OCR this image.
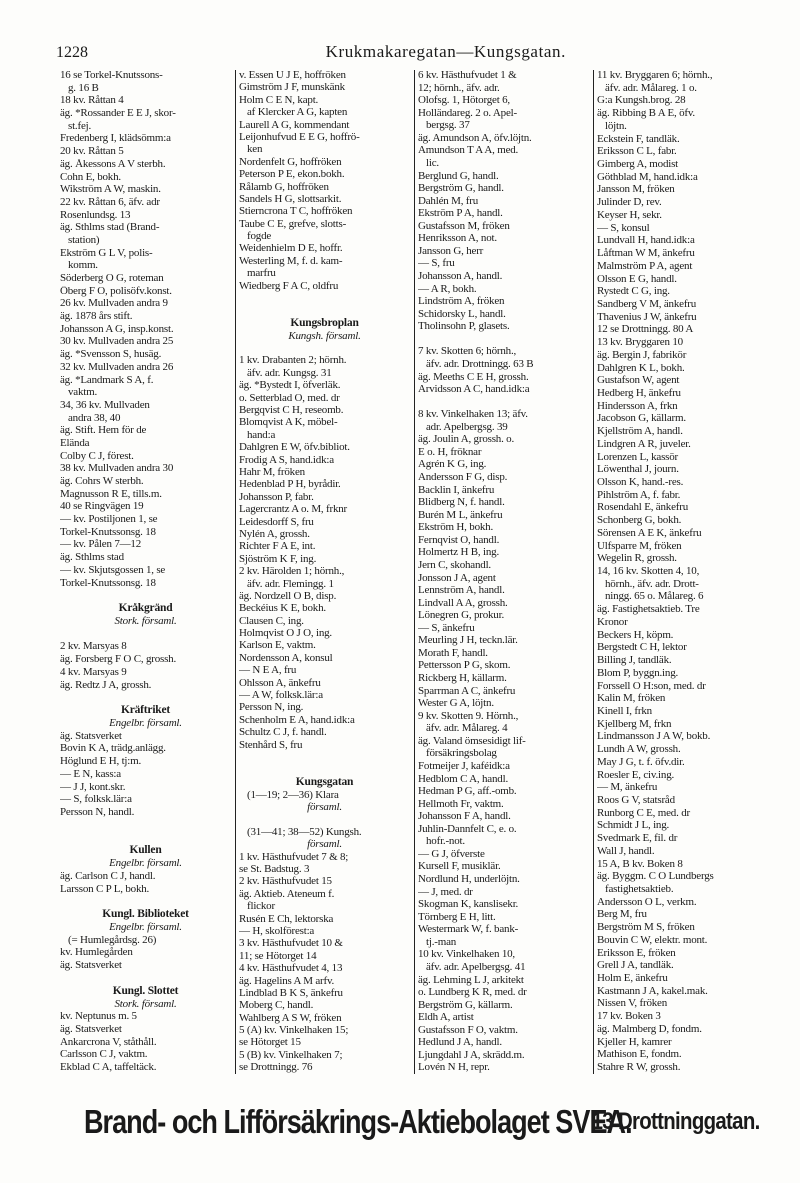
1228	Krukmakaregatan—Kungsgatan.
16 se Torkel-Knutssons-
g. 16 B
18 kv. Råttan 4
äg. *Rossander E E J, skor-
st.fej.
Fredenberg I, klädsömm:a
20 kv. Råttan 5
äg. Åkessons A V sterbh.
Cohn E, bokh.
Wikström A W, maskin.
22 kv. Råttan 6, äfv. adr
Rosenlundsg. 13
äg. Sthlms stad (Brand-
station)
Ekström G L V, polis-
komm.
Söderberg O G, roteman
Öberg F O, polisöfv.konst.
26 kv. Mullvaden andra 9
äg. 1878 års stift.
Johansson A G, insp.konst.
30 kv. Mullvaden andra 25
äg. *Svensson S, husäg.
32 kv. Mullvaden andra 26
äg. *Landmark S A, f.
vaktm.
34, 36 kv. Mullvaden
andra 38, 40
äg. Stift. Hem för de
Elända
Colby C J, förest.
38 kv. Mullvaden andra 30
äg. Cohrs W sterbh.
Magnusson R E, tills.m.
40 se Ringvägen 19
— kv. Postiljonen 1, se
Torkel-Knutssonsg. 18
— kv. Pålen 7—12
äg. Sthlms stad
— kv. Skjutsgossen 1, se
Torkel-Knutssonsg. 18

Kråkgränd
Stork. församl.

2 kv. Marsyas 8
äg. Forsberg F O C, grossh.
4 kv. Marsyas 9
äg. Redtz J A, grossh.

Kräftriket
Engelbr. församl.
äg. Statsverket
Bovin K A, trädg.anlägg.
Höglund E H, tj:m.
— E N, kass:a
— J J, kont.skr.
— S, folksk.lär:a
Persson N, handl.

Kullen
Engelbr. församl.
äg. Carlson C J, handl.
Larsson C P L, bokh.

Kungl. Biblioteket
Engelbr. församl.
(= Humlegårdsg. 26)
kv. Humlegården
äg. Statsverket

Kungl. Slottet
Stork. församl.
kv. Neptunus m. 5
äg. Statsverket
Ankarcrona V, ståthåll.
Carlsson C J, vaktm.
Ekblad C A, taffeltäck.
v. Essen U J E, hoffröken
Gimström J F, munskänk
Holm C E N, kapt.
af Klercker A G, kapten
Laurell A G, kommendant
Leijonhufvud E E G, hoffrö-
ken
Nordenfelt G, hoffröken
Peterson P E, ekon.bokh.
Rålamb G, hoffröken
Sandels H G, slottsarkit.
Stierncrona T C, hoffröken
Taube C E, grefve, slotts-
fogde
Weidenhielm D E, hoffr.
Westerling M, f. d. kam-
marfru
Wiedberg F A C, oldfru

Kungsbroplan
Kungsh. församl.

1 kv. Drabanten 2; hörnh.
äfv. adr. Kungsg. 31
äg. *Bystedt I, öfverläk.
o. Setterblad O, med. dr
Bergqvist C H, reseomb.
Blomqvist A K, möbel-
hand:a
Dahlgren E W, öfv.bibliot.
Frodig A S, hand.idk:a
Hahr M, fröken
Hedenblad P H, byrådir.
Johansson P, fabr.
Lagercrantz A o. M, frknr
Leidesdorff S, fru
Nylén A, grossh.
Richter F A E, int.
Sjöström K F, ing.
2 kv. Härolden 1; hörnh.,
äfv. adr. Flemingg. 1
äg. Nordzell O B, disp.
Beckéius K E, bokh.
Clausen C, ing.
Holmqvist O J O, ing.
Karlson E, vaktm.
Nordensson A, konsul
— N E A, fru
Ohlsson A, änkefru
— A W, folksk.lär:a
Persson N, ing.
Schenholm E A, hand.idk:a
Schultz C J, f. handl.
Stenhård S, fru

Kungsgatan
(1—19; 2—36) Klara
församl.

(31—41; 38—52) Kungsh.
församl.
1 kv. Hästhufvudet 7 & 8;
se St. Badstug. 3
2 kv. Hästhufvudet 15
äg. Aktieb. Ateneum f.
flickor
Rusén E Ch, lektorska
— H, skolförest:a
3 kv. Hästhufvudet 10 &
11; se Hötorget 14
4 kv. Hästhufvudet 4, 13
äg. Hagelins A M arfv.
Lindblad B K S, änkefru
Moberg C, handl.
Wahlberg A S W, fröken
5 (A) kv. Vinkelhaken 15;
se Hötorget 15
5 (B) kv. Vinkelhaken 7;
se Drottningg. 76
6 kv. Hästhufvudet 1 &
12; hörnh., äfv. adr.
Olofsg. 1, Hötorget 6,
Holländareg. 2 o. Apel-
bergsg. 37
äg. Amundson A, öfv.löjtn.
Amundson T A A, med.
lic.
Berglund G, handl.
Bergström G, handl.
Dahlén M, fru
Ekström P A, handl.
Gustafsson M, fröken
Henriksson A, not.
Jansson G, herr
— S, fru
Johansson A, handl.
— A R, bokh.
Lindström A, fröken
Schidorsky L, handl.
Tholinsohn P, glasets.

7 kv. Skotten 6; hörnh.,
äfv. adr. Drottningg. 63 B
äg. Meeths C E H, grossh.
Arvidsson A C, hand.idk:a

8 kv. Vinkelhaken 13; äfv.
adr. Apelbergsg. 39
äg. Joulin A, grossh. o.
E o. H, fröknar
Agrén K G, ing.
Andersson F G, disp.
Backlin I, änkefru
Blidberg N, f. handl.
Burén M L, änkefru
Ekström H, bokh.
Fernqvist O, handl.
Holmertz H B, ing.
Jern C, skohandl.
Jonsson J A, agent
Lennström A, handl.
Lindvall A A, grossh.
Lönegren G, prokur.
— S, änkefru
Meurling J H, teckn.lär.
Morath F, handl.
Pettersson P G, skom.
Rickberg H, källarm.
Sparrman A C, änkefru
Wester G A, löjtn.
9 kv. Skotten 9. Hörnh.,
äfv. adr. Målareg. 4
äg. Valand ömsesidigt lif-
försäkringsbolag
Fotmeijer J, kaféidk:a
Hedblom C A, handl.
Hedman P G, aff.-omb.
Hellmoth Fr, vaktm.
Johansson F A, handl.
Juhlin-Dannfelt C, e. o.
hofr.-not.
— G J, öfverste
Kursell F, musiklär.
Nordlund H, underlöjtn.
— J, med. dr
Skogman K, kanslisekr.
Törnberg E H, litt.
Westermark W, f. bank-
tj.-man
10 kv. Vinkelhaken 10,
äfv. adr. Apelbergsg. 41
äg. Lehming L J, arkitekt
o. Lundberg K R, med. dr
Bergström G, källarm.
Eldh A, artist
Gustafsson F O, vaktm.
Hedlund J A, handl.
Ljungdahl J A, skrädd.m.
Lovén N H, repr.
11 kv. Bryggaren 6; hörnh.,
äfv. adr. Målareg. 1 o.
G:a Kungsh.brog. 28
äg. Ribbing B A E, öfv.
löjtn.
Eckstein F, tandläk.
Eriksson C L, fabr.
Gimberg A, modist
Göthblad M, hand.idk:a
Jansson M, fröken
Julinder D, rev.
Keyser H, sekr.
— S, konsul
Lundvall H, hand.idk:a
Låftman W M, änkefru
Malmström P A, agent
Olsson E G, handl.
Rystedt C G, ing.
Sandberg V M, änkefru
Thavenius J W, änkefru
12 se Drottningg. 80 A
13 kv. Bryggaren 10
äg. Bergin J, fabrikör
Dahlgren K L, bokh.
Gustafson W, agent
Hedberg H, änkefru
Hindersson A, frkn
Jacobson G, källarm.
Kjellström A, handl.
Lindgren A R, juveler.
Lorenzen L, kassör
Löwenthal J, journ.
Olsson K, hand.-res.
Pihlström A, f. fabr.
Rosendahl E, änkefru
Schonberg G, bokh.
Sörensen A E K, änkefru
Ulfsparre M, fröken
Wegelin R, grossh.
14, 16 kv. Skotten 4, 10,
hörnh., äfv. adr. Drott-
ningg. 65 o. Målareg. 6
äg. Fastighetsaktieb. Tre
Kronor
Beckers H, köpm.
Bergstedt C H, lektor
Billing J, tandläk.
Blom P, byggn.ing.
Forssell O H:son, med. dr
Kalin M, fröken
Kinell I, frkn
Kjellberg M, frkn
Lindmansson J A W, bokb.
Lundh A W, grossh.
May J G, t. f. öfv.dir.
Roesler E, civ.ing.
— M, änkefru
Roos G V, statsråd
Runborg C E, med. dr
Schmidt J L, ing.
Svedmark E, fil. dr
Wall J, handl.
15 A, B kv. Boken 8
äg. Byggm. C O Lundbergs
fastighetsaktieb.
Andersson O L, verkm.
Berg M, fru
Bergström M S, fröken
Bouvin C W, elektr. mont.
Eriksson E, fröken
Grell J A, tandläk.
Holm E, änkefru
Kastmann J A, kakel.mak.
Nissen V, fröken
17 kv. Boken 3
äg. Malmberg D, fondm.
Kjeller H, kamrer
Mathison E, fondm.
Stahre R W, grossh.
Brand- och Lifförsäkrings-Aktiebolaget SVEA.
13 Drottninggatan.
